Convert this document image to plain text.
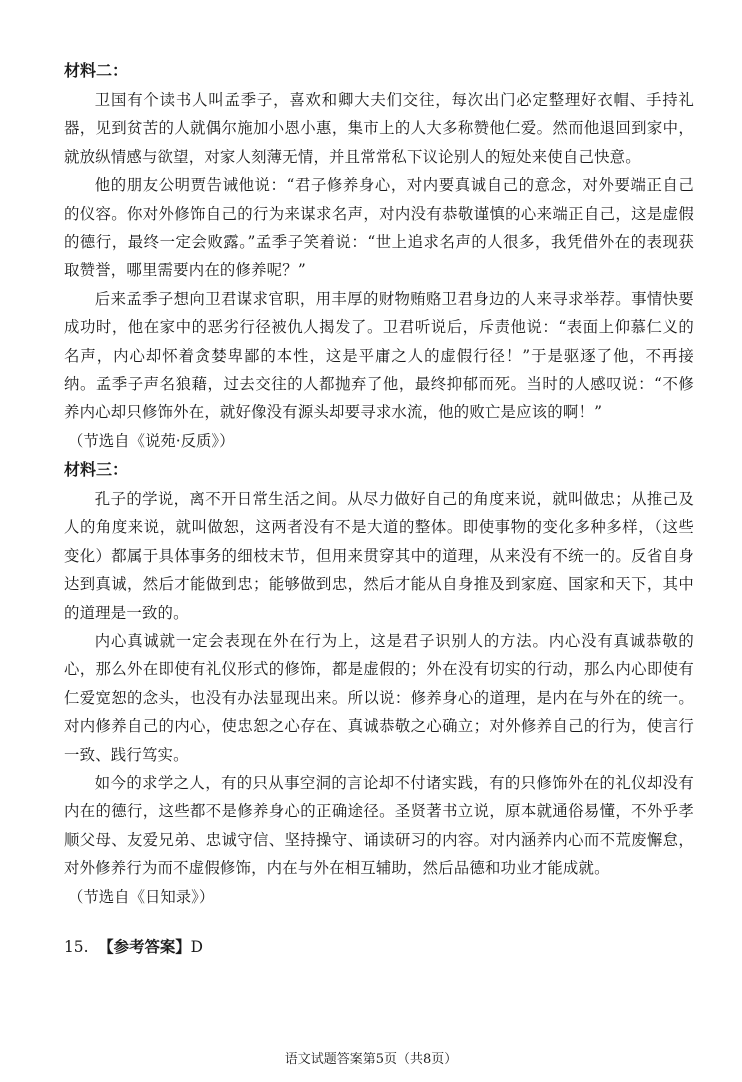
材料二：

卫国有个读书人叫孟季子，喜欢和卿大夫们交往，每次出门必定整理好衣帽、手持礼器，见到贫苦的人就偶尔施加小恩小惠，集市上的人大多称赞他仁爱。然而他退回到家中，就放纵情感与欲望，对家人刻薄无情，并且常常私下议论别人的短处来使自己快意。

他的朋友公明贾告诫他说：“君子修养身心，对内要真诚自己的意念，对外要端正自己的仪容。你对外修饰自己的行为来谋求名声，对内没有恭敬谨慎的心来端正自己，这是虚假的德行，最终一定会败露。”孟季子笑着说：“世上追求名声的人很多，我凭借外在的表现获取赞誉，哪里需要内在的修养呢？”

后来孟季子想向卫君谋求官职，用丰厚的财物贿赂卫君身边的人来寻求举荐。事情快要成功时，他在家中的恶劣行径被仇人揭发了。卫君听说后，斥责他说：“表面上仰慕仁义的名声，内心却怀着贪婪卑鄙的本性，这是平庸之人的虚假行径！”于是驱逐了他，不再接纳。孟季子声名狼藉，过去交往的人都抛弃了他，最终抑郁而死。当时的人感叹说：“不修养内心却只修饰外在，就好像没有源头却要寻求水流，他的败亡是应该的啊！”

（节选自《说苑·反质》）

材料三：

孔子的学说，离不开日常生活之间。从尽力做好自己的角度来说，就叫做忠；从推己及人的角度来说，就叫做恕，这两者没有不是大道的整体。即使事物的变化多种多样，（这些变化）都属于具体事务的细枝末节，但用来贯穿其中的道理，从来没有不统一的。反省自身达到真诚，然后才能做到忠；能够做到忠，然后才能从自身推及到家庭、国家和天下，其中的道理是一致的。

内心真诚就一定会表现在外在行为上，这是君子识别人的方法。内心没有真诚恭敬的心，那么外在即使有礼仪形式的修饰，都是虚假的；外在没有切实的行动，那么内心即使有仁爱宽恕的念头，也没有办法显现出来。所以说：修养身心的道理，是内在与外在的统一。对内修养自己的内心，使忠恕之心存在、真诚恭敬之心确立；对外修养自己的行为，使言行一致、践行笃实。

如今的求学之人，有的只从事空洞的言论却不付诸实践，有的只修饰外在的礼仪却没有内在的德行，这些都不是修养身心的正确途径。圣贤著书立说，原本就通俗易懂，不外乎孝顺父母、友爱兄弟、忠诚守信、坚持操守、诵读研习的内容。对内涵养内心而不荒废懈怠，对外修养行为而不虚假修饰，内在与外在相互辅助，然后品德和功业才能成就。

（节选自《日知录》）

15. 【参考答案】D

语文试题答案第5页（共8页）
